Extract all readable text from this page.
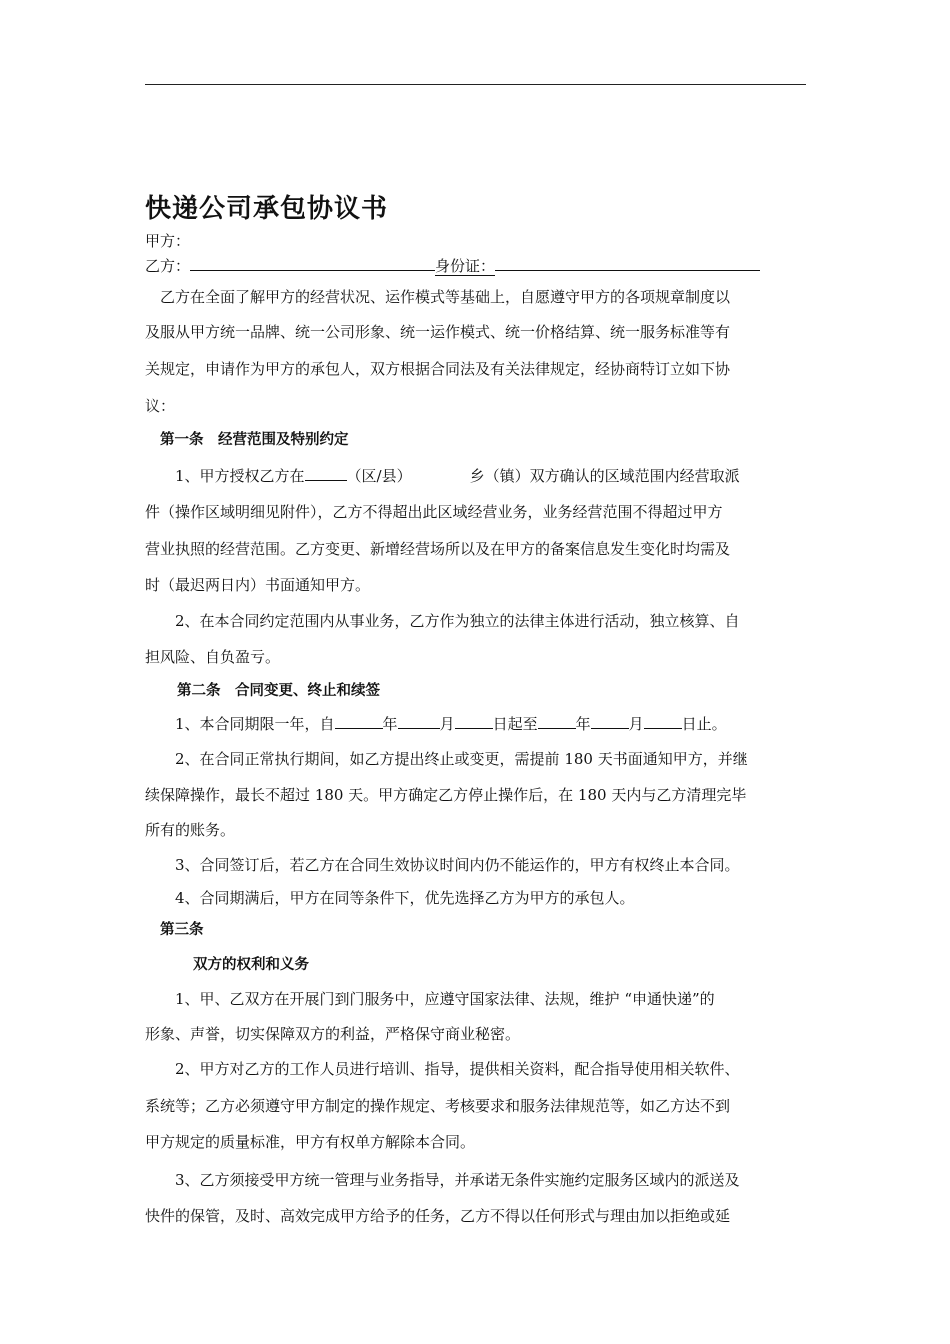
快递公司承包协议书
甲方：
乙方：	身份证：
乙方在全面了解甲方的经营状况、运作模式等基础上，自愿遵守甲方的各项规章制度以
及服从甲方统一品牌、统一公司形象、统一运作模式、统一价格结算、统一服务标准等有
关规定，申请作为甲方的承包人，双方根据合同法及有关法律规定，经协商特订立如下协
议：
第一条　经营范围及特别约定
1、甲方授权乙方在	（区/县）	乡（镇）双方确认的区域范围内经营取派
件（操作区域明细见附件），乙方不得超出此区域经营业务，业务经营范围不得超过甲方
营业执照的经营范围。乙方变更、新增经营场所以及在甲方的备案信息发生变化时均需及
时（最迟两日内）书面通知甲方。
2、在本合同约定范围内从事业务，乙方作为独立的法律主体进行活动，独立核算、自
担风险、自负盈亏。
第二条　合同变更、终止和续签
1、本合同期限一年，自	年	月	日起至	年	月	日止。
2、在合同正常执行期间，如乙方提出终止或变更，需提前 180 天书面通知甲方，并继
续保障操作，最长不超过 180 天。甲方确定乙方停止操作后，在 180 天内与乙方清理完毕
所有的账务。
3、合同签订后，若乙方在合同生效协议时间内仍不能运作的，甲方有权终止本合同。
4、合同期满后，甲方在同等条件下，优先选择乙方为甲方的承包人。
第三条
双方的权利和义务
1、甲、乙双方在开展门到门服务中，应遵守国家法律、法规，维护 “申通快递”的
形象、声誉，切实保障双方的利益，严格保守商业秘密。
2、甲方对乙方的工作人员进行培训、指导，提供相关资料，配合指导使用相关软件、
系统等；乙方必须遵守甲方制定的操作规定、考核要求和服务法律规范等，如乙方达不到
甲方规定的质量标准，甲方有权单方解除本合同。
3、乙方须接受甲方统一管理与业务指导，并承诺无条件实施约定服务区域内的派送及
快件的保管，及时、高效完成甲方给予的任务，乙方不得以任何形式与理由加以拒绝或延
